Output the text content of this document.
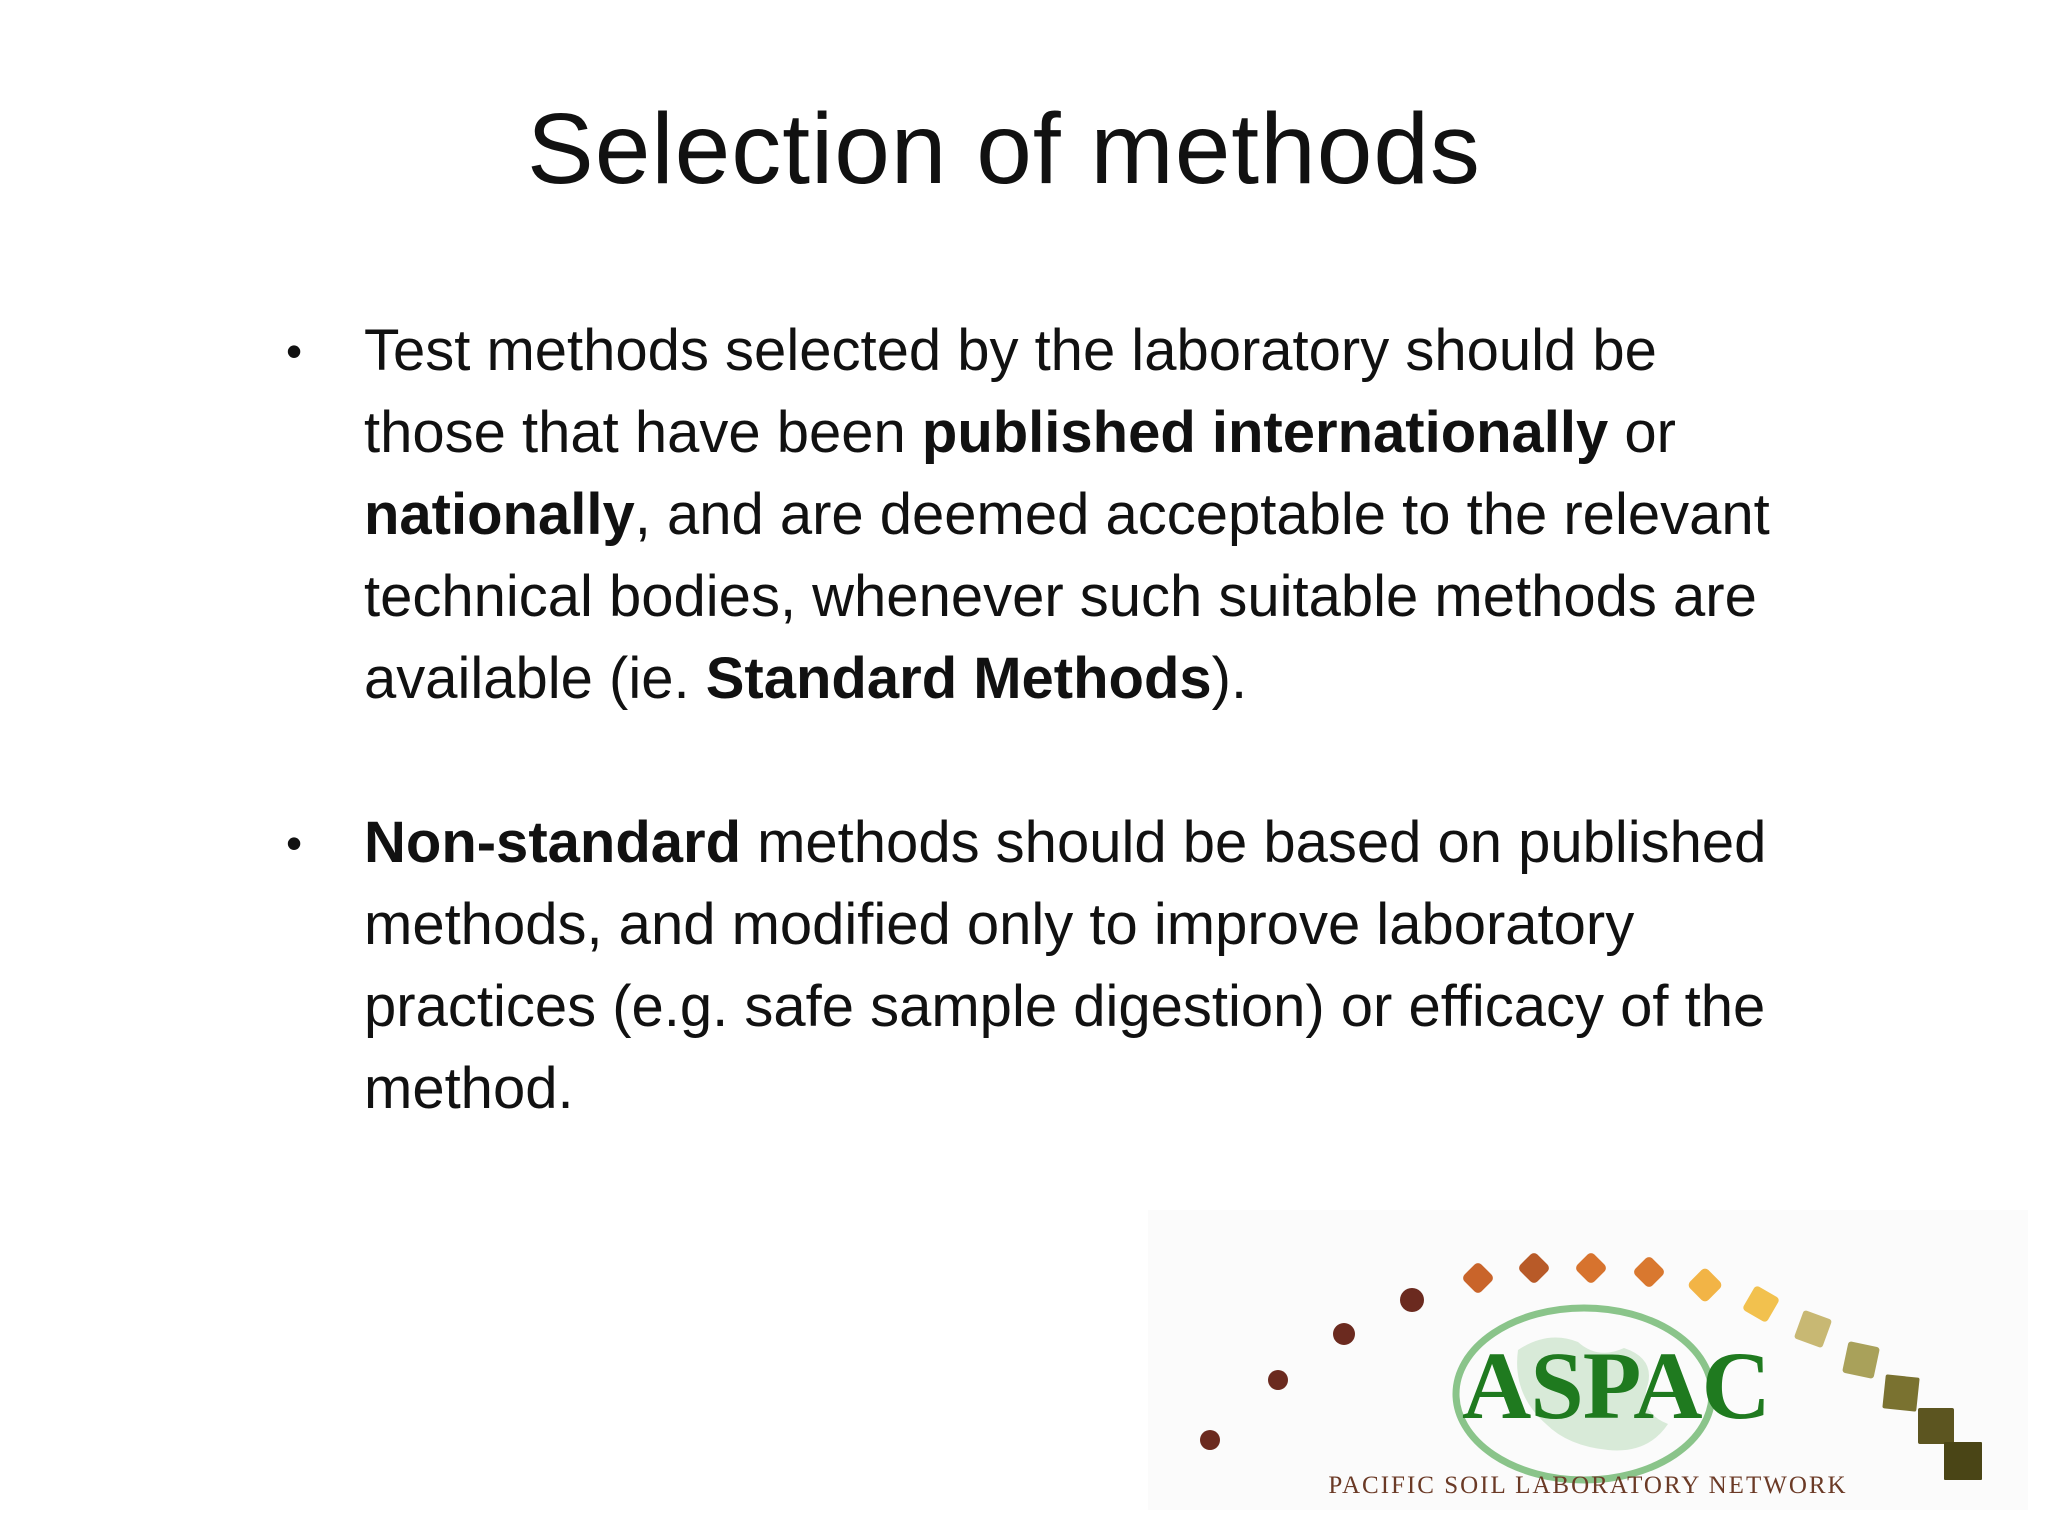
Selection of methods
• Test methods selected by the laboratory should be those that have been published internationally or nationally, and are deemed acceptable to the relevant technical bodies, whenever such suitable methods are available (ie. Standard Methods).
• Non-standard methods should be based on published methods, and modified only to improve laboratory practices (e.g. safe sample digestion) or efficacy of the method.
ASPAC
PACIFIC SOIL LABORATORY NETWORK
